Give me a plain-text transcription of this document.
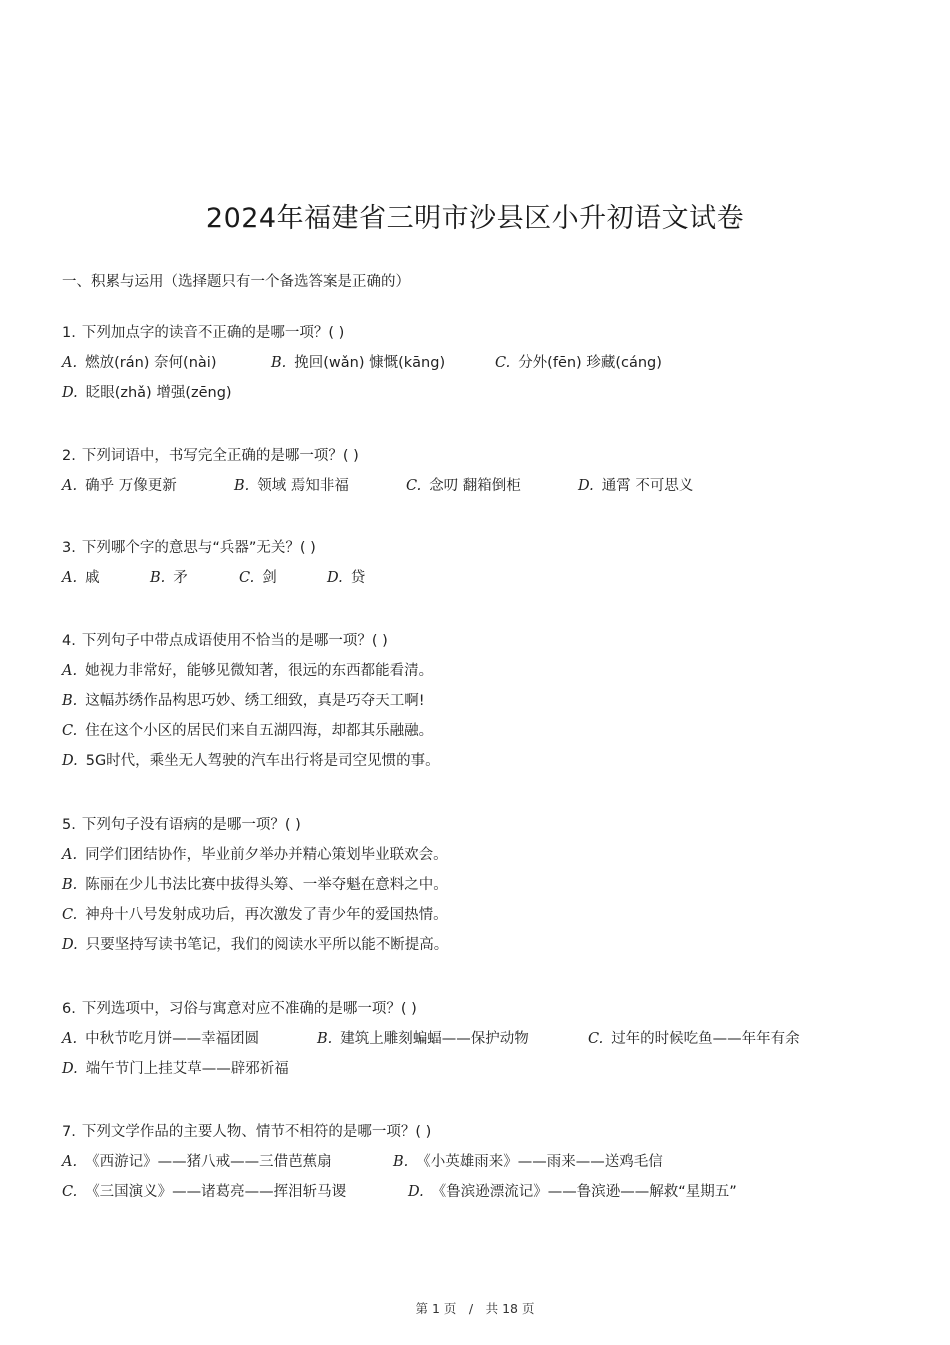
2024年福建省三明市沙县区小升初语文试卷
一、积累与运用（选择题只有一个备选答案是正确的）
1. 下列加点字的读音不正确的是哪一项？( )
A. 燃放(rán) 奈何(nài)	B. 挽回(wǎn) 慷慨(kāng)	C. 分外(fēn) 珍藏(cáng)
D. 眨眼(zhǎ) 增强(zēng)
2. 下列词语中，书写完全正确的是哪一项？( )
A. 确乎 万像更新	B. 领域 焉知非福	C. 念叨 翻箱倒柜	D. 通霄 不可思义
3. 下列哪个字的意思与“兵器”无关？( )
A. 戚	B. 矛	C. 剑	D. 贷
4. 下列句子中带点成语使用不恰当的是哪一项？( )
A. 她视力非常好，能够见微知著，很远的东西都能看清。
B. 这幅苏绣作品构思巧妙、绣工细致，真是巧夺天工啊!
C. 住在这个小区的居民们来自五湖四海，却都其乐融融。
D. 5G时代，乘坐无人驾驶的汽车出行将是司空见惯的事。
5. 下列句子没有语病的是哪一项？( )
A. 同学们团结协作，毕业前夕举办并精心策划毕业联欢会。
B. 陈丽在少儿书法比赛中拔得头筹、一举夺魁在意料之中。
C. 神舟十八号发射成功后，再次激发了青少年的爱国热情。
D. 只要坚持写读书笔记，我们的阅读水平所以能不断提高。
6. 下列选项中，习俗与寓意对应不准确的是哪一项？( )
A. 中秋节吃月饼——幸福团圆	B. 建筑上雕刻蝙蝠——保护动物	C. 过年的时候吃鱼——年年有余
D. 端午节门上挂艾草——辟邪祈福
7. 下列文学作品的主要人物、情节不相符的是哪一项？( )
A. 《西游记》——猪八戒——三借芭蕉扇	B. 《小英雄雨来》——雨来——送鸡毛信
C. 《三国演义》——诸葛亮——挥泪斩马谡	D. 《鲁滨逊漂流记》——鲁滨逊——解救“星期五”
第 1 页　/　共 18 页
